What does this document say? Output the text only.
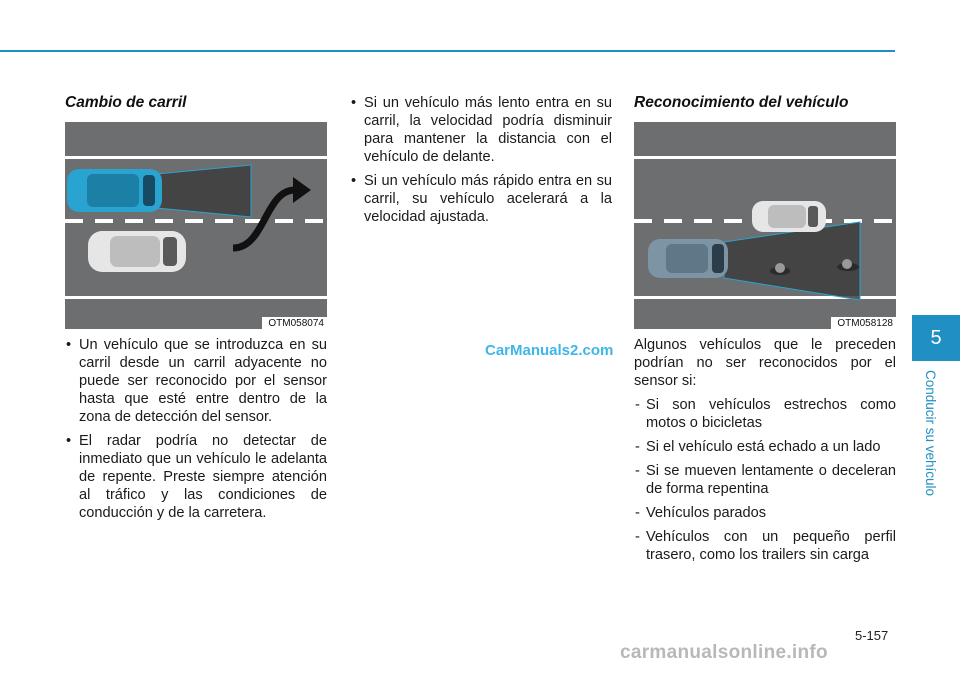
Cambio de carril
OTM058074
• Un vehículo que se introduzca en su carril desde un carril adyacente no puede ser reconocido por el sensor hasta que esté entre dentro de la zona de detección del sensor.
• El radar podría no detectar de inmediato que un vehículo le adelanta de repente. Preste siempre atención al tráfico y las condiciones de conducción y de la carretera.
• Si un vehículo más lento entra en su carril, la velocidad podría disminuir para mantener la distancia con el vehículo de delante.
• Si un vehículo más rápido entra en su carril, su vehículo acelerará a la velocidad ajustada.
CarManuals2.com
Reconocimiento del vehículo
OTM058128
Algunos vehículos que le preceden podrían no ser reconocidos por el sensor si:
- Si son vehículos estrechos como motos o bicicletas
- Si el vehículo está echado a un lado
- Si se mueven lentamente o deceleran de forma repentina
- Vehículos parados
- Vehículos con un pequeño perfil trasero, como los trailers sin carga
5
Conducir su vehículo
5-157
carmanualsonline.info
